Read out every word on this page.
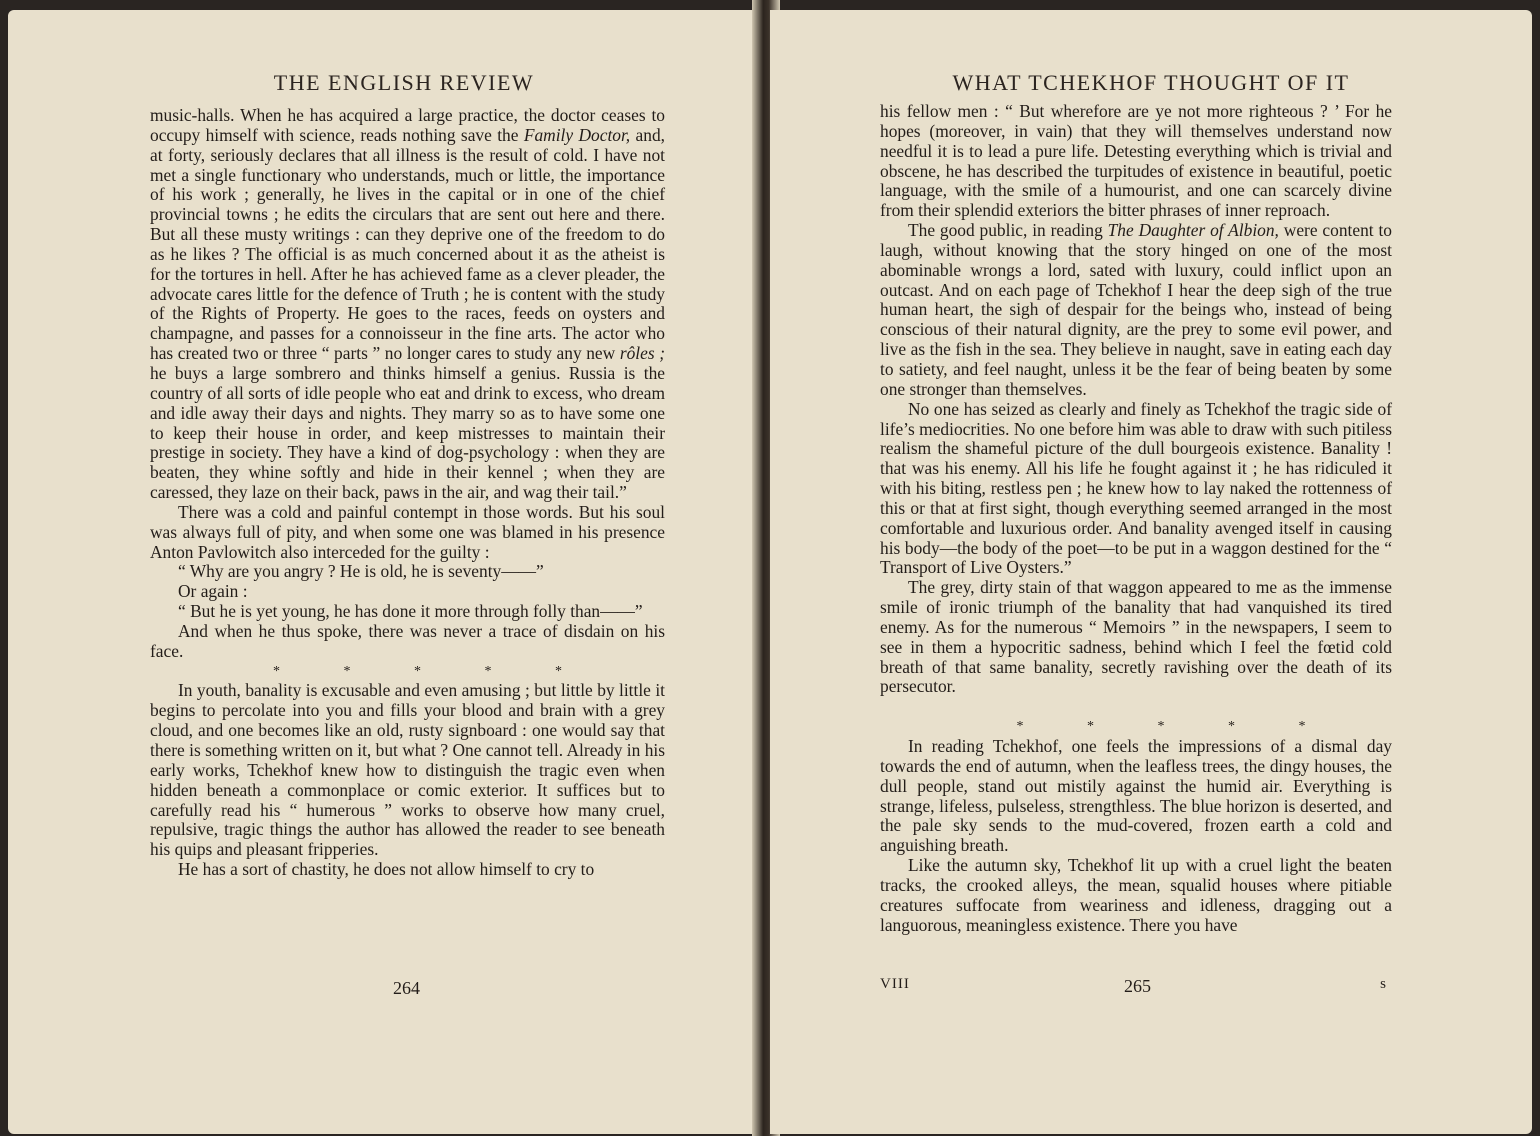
THE ENGLISH REVIEW

music-halls. When he has acquired a large practice, the doctor ceases to occupy himself with science, reads nothing save the Family Doctor, and, at forty, seriously declares that all illness is the result of cold. I have not met a single functionary who understands, much or little, the importance of his work ; generally, he lives in the capital or in one of the chief provincial towns ; he edits the circulars that are sent out here and there. But all these musty writings : can they deprive one of the freedom to do as he likes ? The official is as much concerned about it as the atheist is for the tortures in hell. After he has achieved fame as a clever pleader, the advocate cares little for the defence of Truth ; he is content with the study of the Rights of Property. He goes to the races, feeds on oysters and champagne, and passes for a connoisseur in the fine arts. The actor who has created two or three “ parts ” no longer cares to study any new rôles ; he buys a large sombrero and thinks himself a genius. Russia is the country of all sorts of idle people who eat and drink to excess, who dream and idle away their days and nights. They marry so as to have some one to keep their house in order, and keep mistresses to maintain their prestige in society. They have a kind of dog-psychology : when they are beaten, they whine softly and hide in their kennel ; when they are caressed, they laze on their back, paws in the air, and wag their tail.”

There was a cold and painful contempt in those words. But his soul was always full of pity, and when some one was blamed in his presence Anton Pavlowitch also interceded for the guilty :

“ Why are you angry ? He is old, he is seventy——”

Or again :

“ But he is yet young, he has done it more through folly than——”

And when he thus spoke, there was never a trace of disdain on his face.

* * * * *

In youth, banality is excusable and even amusing ; but little by little it begins to percolate into you and fills your blood and brain with a grey cloud, and one becomes like an old, rusty signboard : one would say that there is something written on it, but what ? One cannot tell. Already in his early works, Tchekhof knew how to distinguish the tragic even when hidden beneath a commonplace or comic exterior. It suffices but to carefully read his “ humerous ” works to observe how many cruel, repulsive, tragic things the author has allowed the reader to see beneath his quips and pleasant fripperies.

He has a sort of chastity, he does not allow himself to cry to

264
WHAT TCHEKHOF THOUGHT OF IT

his fellow men : “ But wherefore are ye not more righteous ? ’ For he hopes (moreover, in vain) that they will themselves understand now needful it is to lead a pure life. Detesting everything which is trivial and obscene, he has described the turpitudes of existence in beautiful, poetic language, with the smile of a humourist, and one can scarcely divine from their splendid exteriors the bitter phrases of inner reproach.

The good public, in reading The Daughter of Albion, were content to laugh, without knowing that the story hinged on one of the most abominable wrongs a lord, sated with luxury, could inflict upon an outcast. And on each page of Tchekhof I hear the deep sigh of the true human heart, the sigh of despair for the beings who, instead of being conscious of their natural dignity, are the prey to some evil power, and live as the fish in the sea. They believe in naught, save in eating each day to satiety, and feel naught, unless it be the fear of being beaten by some one stronger than themselves.

No one has seized as clearly and finely as Tchekhof the tragic side of life’s mediocrities. No one before him was able to draw with such pitiless realism the shameful picture of the dull bourgeois existence. Banality ! that was his enemy. All his life he fought against it ; he has ridiculed it with his biting, restless pen ; he knew how to lay naked the rottenness of this or that at first sight, though everything seemed arranged in the most comfortable and luxurious order. And banality avenged itself in causing his body—the body of the poet—to be put in a waggon destined for the “ Transport of Live Oysters.”

The grey, dirty stain of that waggon appeared to me as the immense smile of ironic triumph of the banality that had vanquished its tired enemy. As for the numerous “ Memoirs ” in the newspapers, I seem to see in them a hypocritic sadness, behind which I feel the fœtid cold breath of that same banality, secretly ravishing over the death of its persecutor.

* * * * *

In reading Tchekhof, one feels the impressions of a dismal day towards the end of autumn, when the leafless trees, the dingy houses, the dull people, stand out mistily against the humid air. Everything is strange, lifeless, pulseless, strengthless. The blue horizon is deserted, and the pale sky sends to the mud-covered, frozen earth a cold and anguishing breath.

Like the autumn sky, Tchekhof lit up with a cruel light the beaten tracks, the crooked alleys, the mean, squalid houses where pitiable creatures suffocate from weariness and idleness, dragging out a languorous, meaningless existence. There you have

VIII	265	s
